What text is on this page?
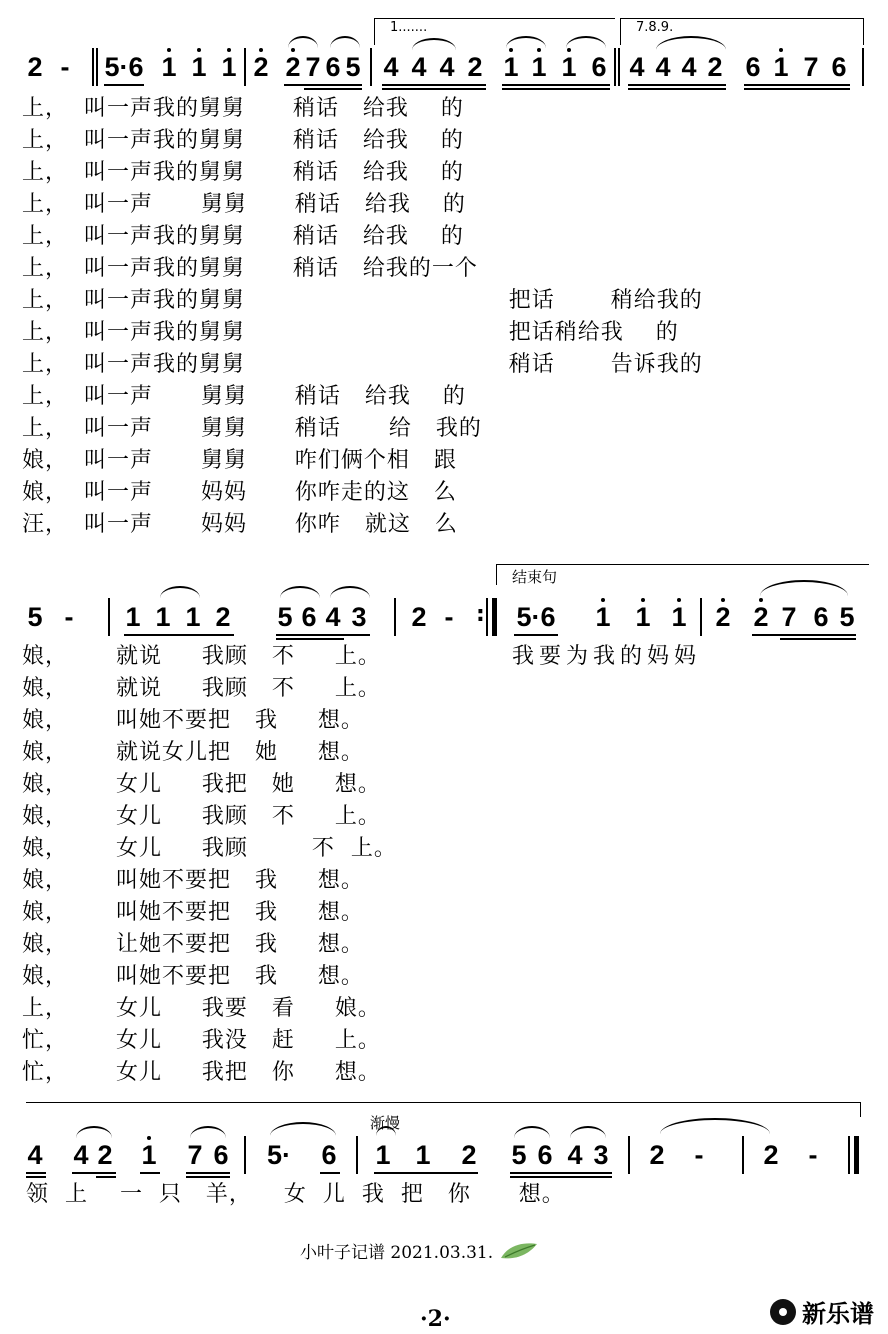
1.......	7.8.9.
2 - 5·6 1 1 1 2 2 7 6 5 4 4 4 2 1 1 1 6 4 4 4 2 6 1 7 6
上，  叫一声我的舅舅      稍话   给我    的
上，  叫一声我的舅舅      稍话   给我    的
上，  叫一声我的舅舅      稍话   给我    的
上，  叫一声      舅舅      稍话   给我    的
上，  叫一声我的舅舅      稍话   给我    的
上，  叫一声我的舅舅      稍话   给我的一个
上，  叫一声我的舅舅                                 把话       稍给我的
上，  叫一声我的舅舅                                 把话稍给我    的
上，  叫一声我的舅舅                                 稍话       告诉我的
上，  叫一声      舅舅      稍话   给我    的
上，  叫一声      舅舅      稍话      给   我的
娘，  叫一声      舅舅      咋们俩个相   跟
娘，  叫一声      妈妈      你咋走的这   么
汪，  叫一声      妈妈      你咋   就这   么
结束句
5 - 1 1 1 2 5 6 4 3 2 - : 5·6 1 1 1 2 2 7 6 5
娘，      就说     我顾   不     上。	我要为我的妈妈
娘，      就说     我顾   不     上。
娘，      叫她不要把   我     想。
娘，      就说女儿把   她     想。
娘，      女儿     我把   她     想。
娘，      女儿     我顾   不     上。
娘，      女儿     我顾        不  上。
娘，      叫她不要把   我     想。
娘，      叫她不要把   我     想。
娘，      让她不要把   我     想。
娘，      叫她不要把   我     想。
上，      女儿     我要   看     娘。
忙，      女儿     我没   赶     上。
忙，      女儿     我把   你     想。
渐慢
4 4 2 1 7 6 5· 6 1 1 2 5 6 4 3 2 - 2 -
领  上    一  只   羊，    女  儿  我  把   你      想。
小叶子记谱 2021.03.31.
·2·	新乐谱
